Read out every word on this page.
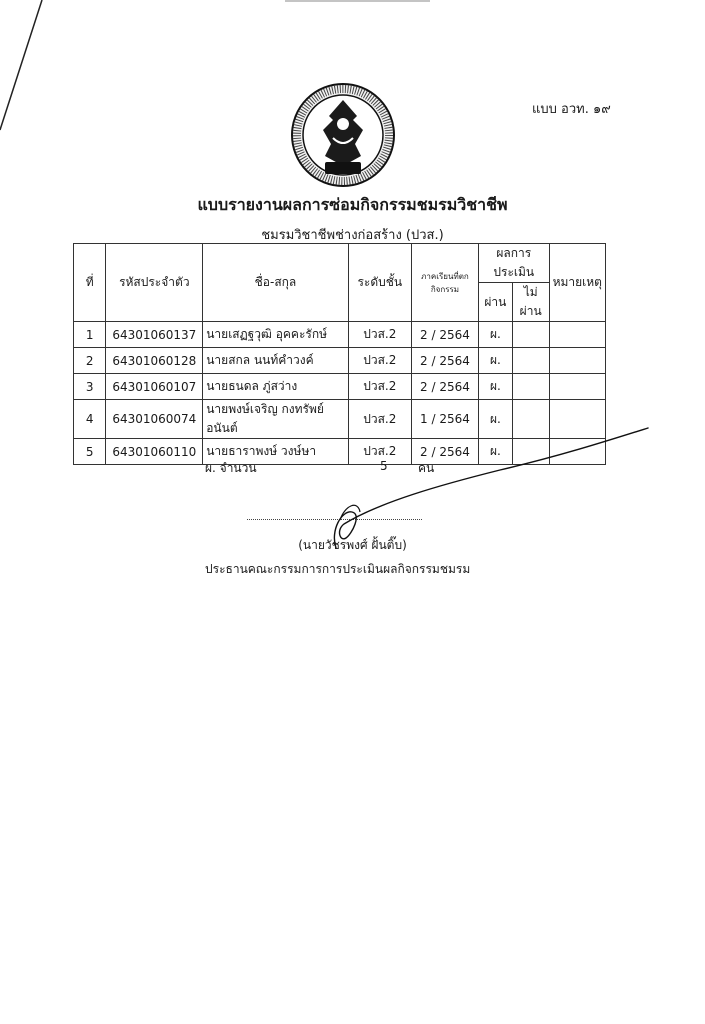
แบบ อวท. ๑๙
แบบรายงานผลการซ่อมกิจกรรมชมรมวิชาชีพ
ชมรมวิชาชีพช่างก่อสร้าง (ปวส.)
ที่	รหัสประจำตัว	ชื่อ-สกุล	ระดับชั้น	ภาคเรียนที่ตกกิจกรรม	ผลการประเมิน		หมายเหตุ
					ผ่าน	ไม่ผ่าน	
1	64301060137	นายเสฏฐวุฒิ อุคคะรักษ์	ปวส.2	2 / 2564	ผ.		
2	64301060128	นายสกล นนท์คำวงค์	ปวส.2	2 / 2564	ผ.		
3	64301060107	นายธนดล ภู่สว่าง	ปวส.2	2 / 2564	ผ.		
4	64301060074	นายพงษ์เจริญ กงทรัพย์อนันต์	ปวส.2	1 / 2564	ผ.		
5	64301060110	นายธาราพงษ์ วงษ์ษา	ปวส.2	2 / 2564	ผ.		
ผ. จำนวน	5	คน
(นายวัชรพงศ์ ฝั้นติ๊บ)
ประธานคณะกรรมการการประเมินผลกิจกรรมชมรม
